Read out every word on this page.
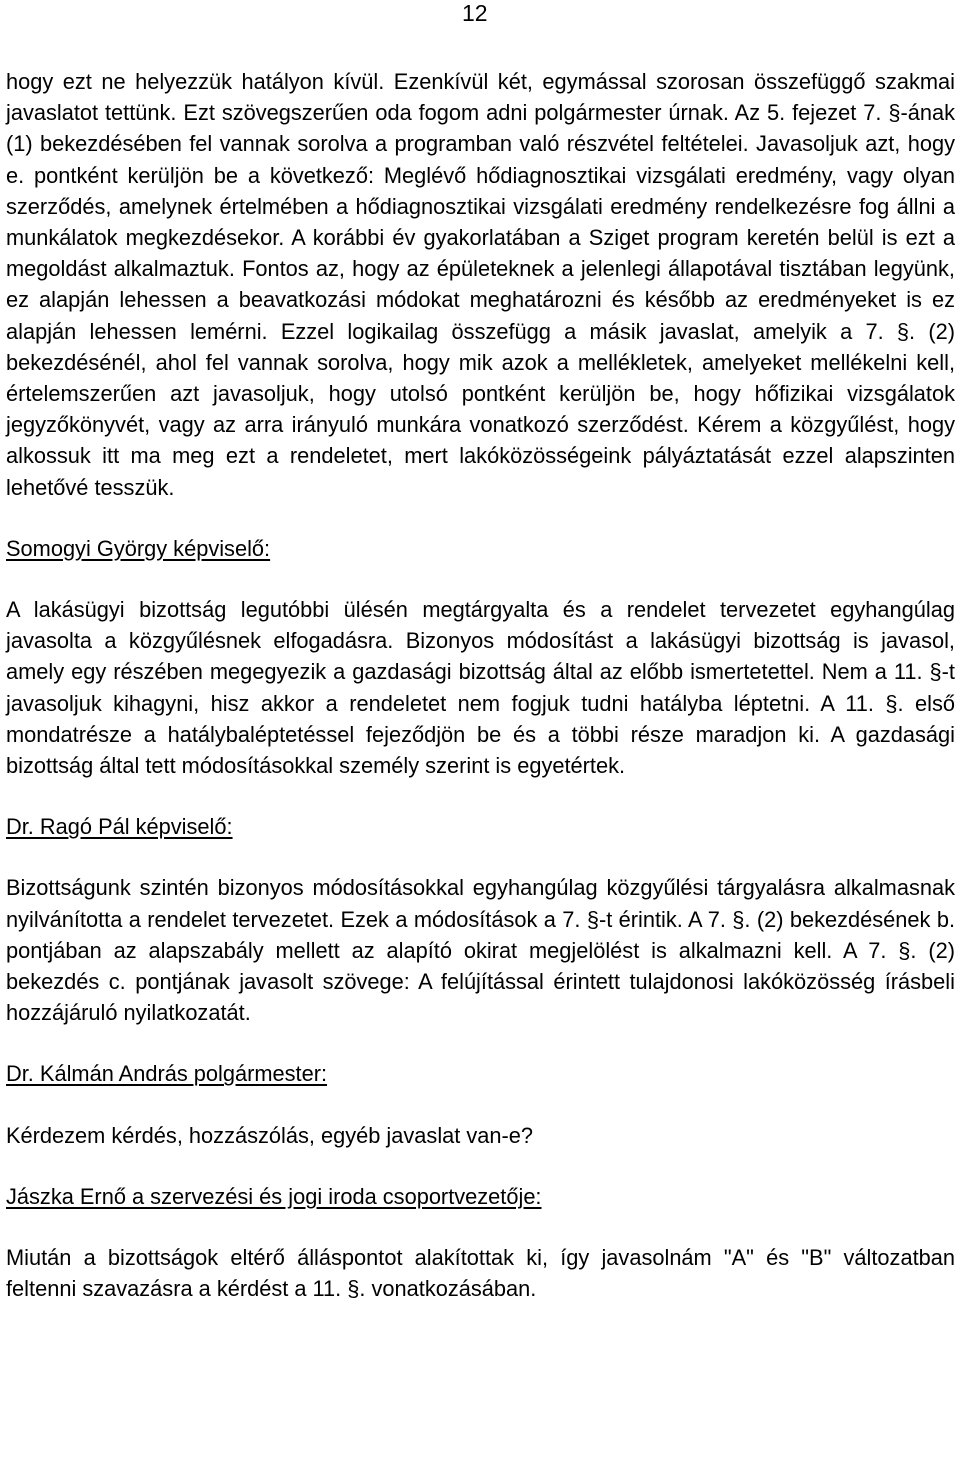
12

hogy ezt ne helyezzük hatályon kívül. Ezenkívül két, egymással szorosan összefüggő szakmai javaslatot tettünk. Ezt szövegszerűen oda fogom adni polgármester úrnak. Az 5. fejezet 7. §-ának (1) bekezdésében fel vannak sorolva a programban való részvétel feltételei. Javasoljuk azt, hogy e. pontként kerüljön be a következő: Meglévő hődiagnosztikai vizsgálati eredmény, vagy olyan szerződés, amelynek értelmében a hődiagnosztikai vizsgálati eredmény rendelkezésre fog állni a munkálatok megkezdésekor. A korábbi év gyakorlatában a Sziget program keretén belül is ezt a megoldást alkalmaztuk. Fontos az, hogy az épületeknek a jelenlegi állapotával tisztában legyünk, ez alapján lehessen a beavatkozási módokat meghatározni és később az eredményeket is ez alapján lehessen lemérni. Ezzel logikailag összefügg a másik javaslat, amelyik a 7. §. (2) bekezdésénél, ahol fel vannak sorolva, hogy mik azok a mellékletek, amelyeket mellékelni kell, értelemszerűen azt javasoljuk, hogy utolsó pontként kerüljön be, hogy hőfizikai vizsgálatok jegyzőkönyvét, vagy az arra irányuló munkára vonatkozó szerződést. Kérem a közgyűlést, hogy alkossuk itt ma meg ezt a rendeletet, mert lakóközösségeink pályáztatását ezzel alapszinten lehetővé tesszük.

Somogyi György képviselő:

A lakásügyi bizottság legutóbbi ülésén megtárgyalta és a rendelet tervezetet egyhangúlag javasolta a közgyűlésnek elfogadásra. Bizonyos módosítást a lakásügyi bizottság is javasol, amely egy részében megegyezik a gazdasági bizottság által az előbb ismertetettel. Nem a 11. §-t javasoljuk kihagyni, hisz akkor a rendeletet nem fogjuk tudni hatályba léptetni. A 11. §. első mondatrésze a hatálybaléptetéssel fejeződjön be és a többi része maradjon ki. A gazdasági bizottság által tett módosításokkal személy szerint is egyetértek.

Dr. Ragó Pál képviselő:

Bizottságunk szintén bizonyos módosításokkal egyhangúlag közgyűlési tárgyalásra alkalmasnak nyilvánította a rendelet tervezetet. Ezek a módosítások a 7. §-t érintik. A 7. §. (2) bekezdésének b. pontjában az alapszabály mellett az alapító okirat megjelölést is alkalmazni kell. A 7. §. (2) bekezdés c. pontjának javasolt szövege: A felújítással érintett tulajdonosi lakóközösség írásbeli hozzájáruló nyilatkozatát.

Dr. Kálmán András polgármester:

Kérdezem kérdés, hozzászólás, egyéb javaslat van-e?

Jászka Ernő a szervezési és jogi iroda csoportvezetője:

Miután a bizottságok eltérő álláspontot alakítottak ki, így javasolnám "A" és "B" változatban feltenni szavazásra a kérdést a 11. §. vonatkozásában.
